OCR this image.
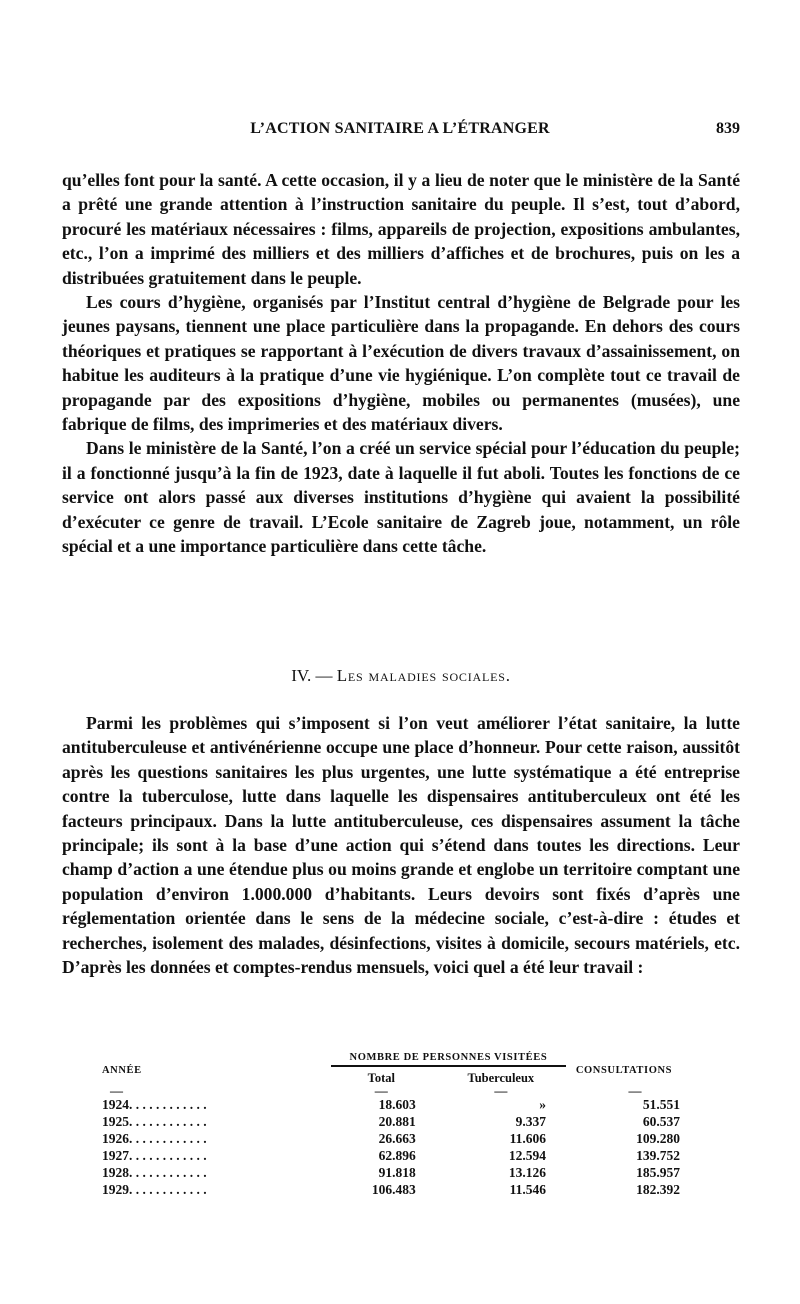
L’ACTION SANITAIRE A L’ÉTRANGER	839

qu’elles font pour la santé. A cette occasion, il y a lieu de noter que le ministère de la Santé a prêté une grande attention à l’instruction sanitaire du peuple. Il s’est, tout d’abord, procuré les matériaux nécessaires : films, appareils de projection, expositions ambulantes, etc., l’on a imprimé des milliers et des milliers d’affiches et de brochures, puis on les a distribuées gratuitement dans le peuple.

Les cours d’hygiène, organisés par l’Institut central d’hygiène de Belgrade pour les jeunes paysans, tiennent une place particulière dans la propagande. En dehors des cours théoriques et pratiques se rapportant à l’exécution de divers travaux d’assainissement, on habitue les auditeurs à la pratique d’une vie hygiénique. L’on complète tout ce travail de propagande par des expositions d’hygiène, mobiles ou permanentes (musées), une fabrique de films, des imprimeries et des matériaux divers.

Dans le ministère de la Santé, l’on a créé un service spécial pour l’éducation du peuple; il a fonctionné jusqu’à la fin de 1923, date à laquelle il fut aboli. Toutes les fonctions de ce service ont alors passé aux diverses institutions d’hygiène qui avaient la possibilité d’exécuter ce genre de travail. L’Ecole sanitaire de Zagreb joue, notamment, un rôle spécial et a une importance particulière dans cette tâche.

IV. — Les maladies sociales.

Parmi les problèmes qui s’imposent si l’on veut améliorer l’état sanitaire, la lutte antituberculeuse et antivénérienne occupe une place d’honneur. Pour cette raison, aussitôt après les questions sanitaires les plus urgentes, une lutte systématique a été entreprise contre la tuberculose, lutte dans laquelle les dispensaires antituberculeux ont été les facteurs principaux. Dans la lutte antituberculeuse, ces dispensaires assument la tâche principale; ils sont à la base d’une action qui s’étend dans toutes les directions. Leur champ d’action a une étendue plus ou moins grande et englobe un territoire comptant une population d’environ 1.000.000 d’habitants. Leurs devoirs sont fixés d’après une réglementation orientée dans le sens de la médecine sociale, c’est-à-dire : études et recherches, isolement des malades, désinfections, visites à domicile, secours matériels, etc. D’après les données et comptes-rendus mensuels, voici quel a été leur travail :

ANNÉE	NOMBRE DE PERSONNES VISITÉES		CONSULTATIONS
	Total	Tuberculeux	
—	—	—	—
1924. . . . . . . . . . . .	18.603	»	51.551
1925. . . . . . . . . . . .	20.881	9.337	60.537
1926. . . . . . . . . . . .	26.663	11.606	109.280
1927. . . . . . . . . . . .	62.896	12.594	139.752
1928. . . . . . . . . . . .	91.818	13.126	185.957
1929. . . . . . . . . . . .	106.483	11.546	182.392
